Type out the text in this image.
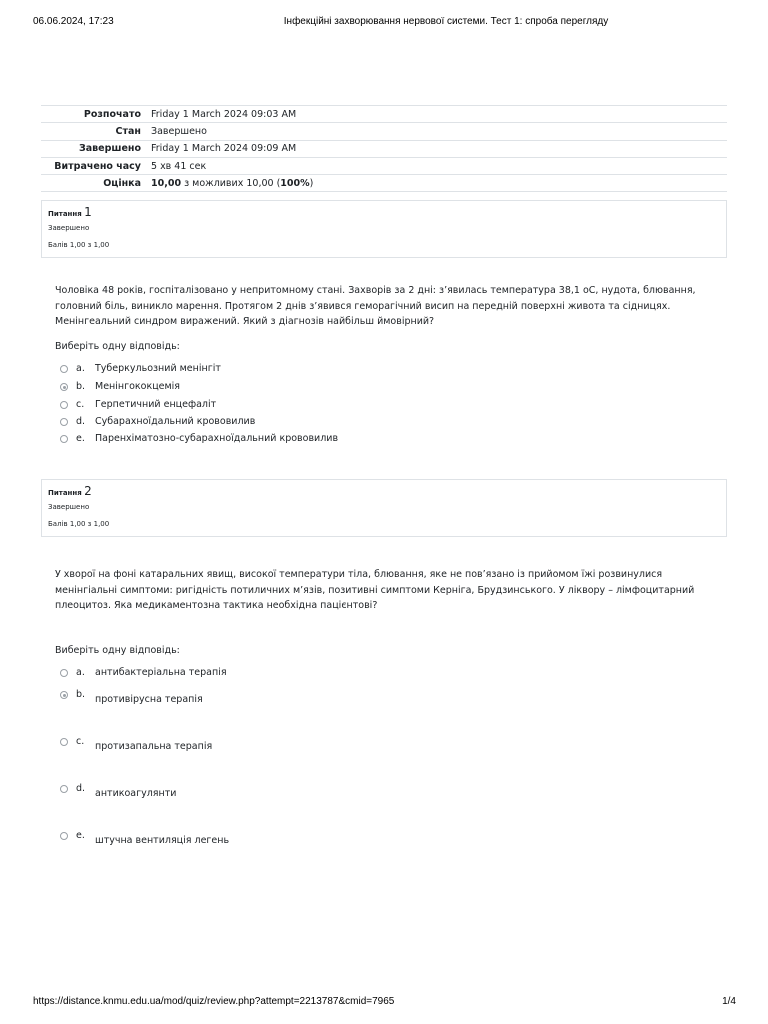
06.06.2024, 17:23	Інфекційні захворювання нервової системи. Тест 1: спроба перегляду
Розпочато	Friday 1 March 2024 09:03 AM
Стан	Завершено
Завершено	Friday 1 March 2024 09:09 AM
Витрачено часу	5 хв 41 сек
Оцінка	10,00 з можливих 10,00 (100%)
Питання 1
Завершено
Балів 1,00 з 1,00

Чоловіка 48 років, госпіталізовано у непритомному стані. Захворів за 2 дні: з’явилась температура 38,1 оС, нудота, блювання, головний біль, виникло марення. Протягом 2 днів з’явився геморагічний висип на передній поверхні живота та сідницях. Менінгеальний синдром виражений. Який з діагнозів найбільш ймовірний?

Виберіть одну відповідь:
a. Туберкульозний менінгіт
b. Менінгококцемія
c. Герпетичний енцефаліт
d. Субарахноїдальний крововилив
e. Паренхіматозно-субарахноїдальний крововилив
Питання 2
Завершено
Балів 1,00 з 1,00

У хворої на фоні катаральних явищ, високої температури тіла, блювання, яке не пов’язано із прийомом їжі розвинулися менінгіальні симптоми: ригідність потиличних м’язів, позитивні симптоми Керніга, Брудзинського. У ліквору – лімфоцитарний плеоцитоз. Яка медикаментозна тактика необхідна пацієнтові?

Виберіть одну відповідь:
a. антибактеріальна терапія
b. противірусна терапія
c. протизапальна терапія
d. антикоагулянти
e. штучна вентиляція легень
https://distance.knmu.edu.ua/mod/quiz/review.php?attempt=2213787&cmid=7965	1/4
